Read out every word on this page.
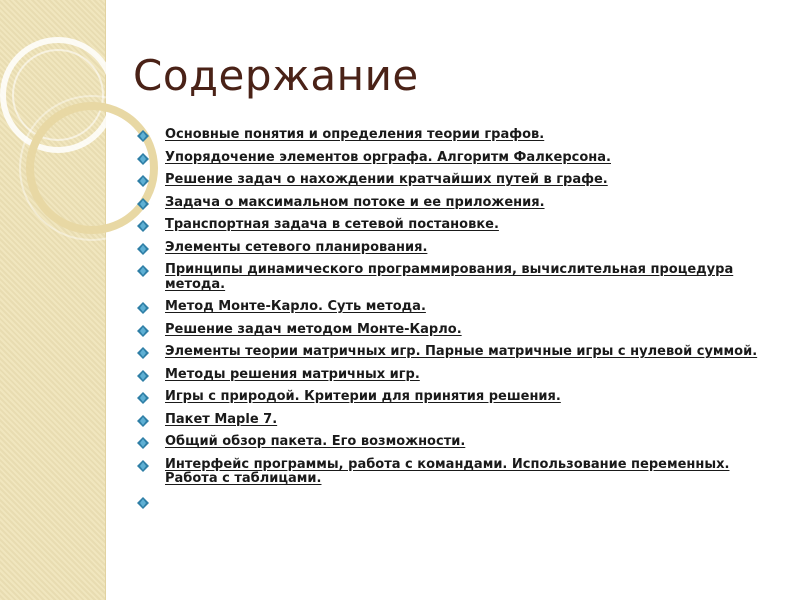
Содержание
Основные понятия и определения теории графов.
Упорядочение элементов орграфа. Алгоритм Фалкерсона.
Решение задач о нахождении кратчайших путей в графе.
Задача о максимальном потоке и ее приложения.
Транспортная задача в сетевой постановке.
Элементы сетевого планирования.
Принципы динамического программирования, вычислительная процедура метода.
Метод Монте-Карло. Суть метода.
Решение задач методом Монте-Карло.
Элементы теории матричных игр. Парные матричные игры с нулевой суммой.
Методы решения матричных игр.
Игры с природой. Критерии для принятия решения.
Пакет Maple 7.
Общий обзор пакета. Его возможности.
Интерфейс программы, работа с командами. Использование переменных. Работа с таблицами.
